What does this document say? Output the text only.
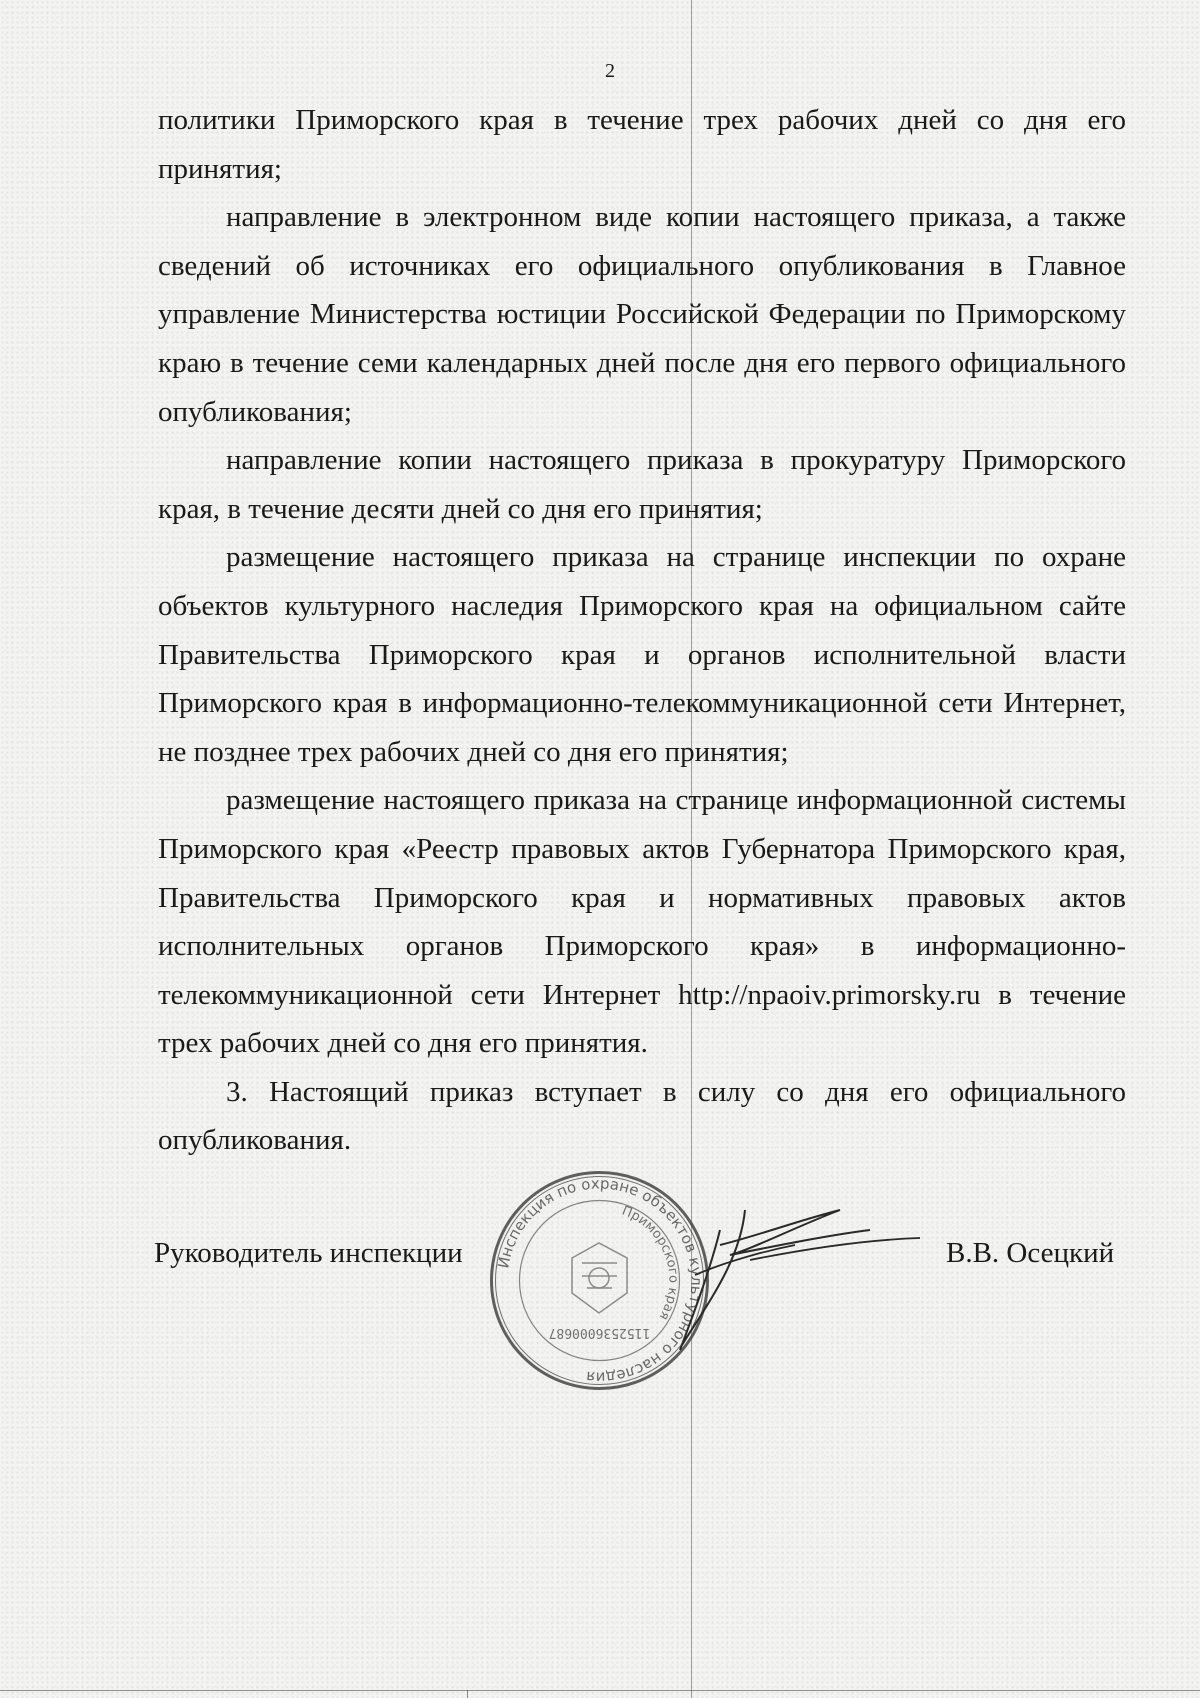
2

политики Приморского края в течение трех рабочих дней со дня его принятия;

направление в электронном виде копии настоящего приказа, а также сведений об источниках его официального опубликования в Главное управление Министерства юстиции Российской Федерации по Приморскому краю в течение семи календарных дней после дня его первого официального опубликования;

направление копии настоящего приказа в прокуратуру Приморского края, в течение десяти дней со дня его принятия;

размещение настоящего приказа на странице инспекции по охране объектов культурного наследия Приморского края на официальном сайте Правительства Приморского края и органов исполнительной власти Приморского края в информационно-телекоммуникационной сети Интернет, не позднее трех рабочих дней со дня его принятия;

размещение настоящего приказа на странице информационной системы Приморского края «Реестр правовых актов Губернатора Приморского края, Правительства Приморского края и нормативных правовых актов исполнительных органов Приморского края» в информационно-телекоммуникационной сети Интернет http://npaoiv.primorsky.ru в течение трех рабочих дней со дня его принятия.

3. Настоящий приказ вступает в силу со дня его официального опубликования.

Руководитель инспекции	В.В. Осецкий
Инспекция по охране объектов культурного наследия
Приморского края
1152536000687
